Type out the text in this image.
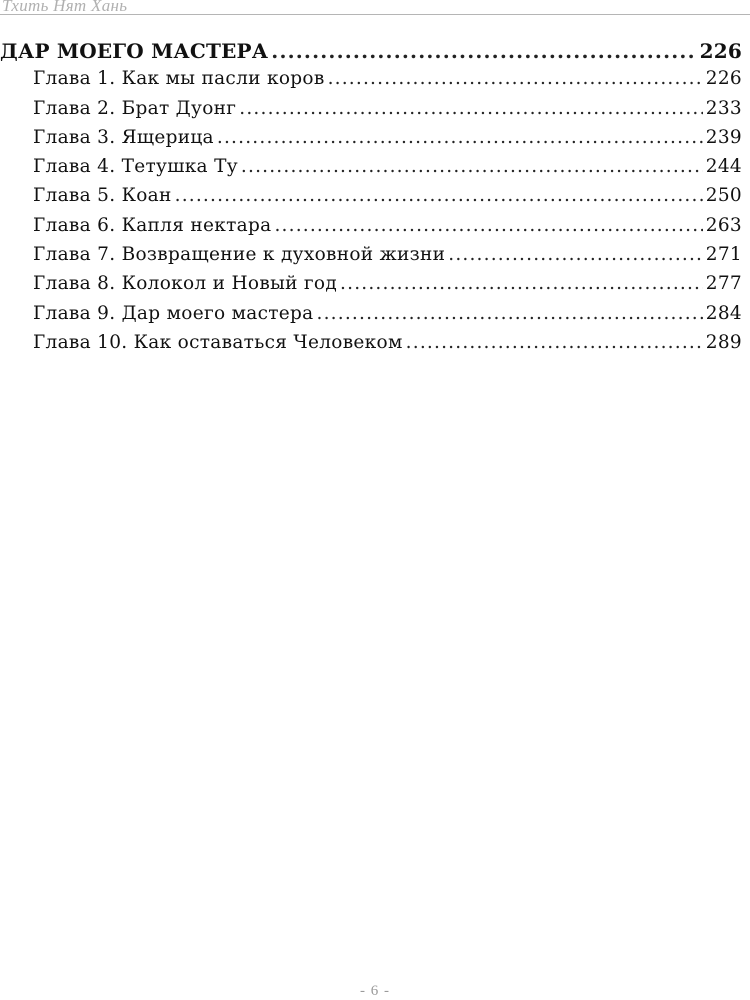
Тхить Нят Хань
ДАР МОЕГО МАСТЕРА .....	226
Глава 1. Как мы пасли коров .....	226
Глава 2. Брат Дуонг .....	233
Глава 3. Ящерица .....	239
Глава 4. Тетушка Ту .....	244
Глава 5. Коан .....	250
Глава 6. Капля нектара .....	263
Глава 7. Возвращение к духовной жизни .....	271
Глава 8. Колокол и Новый год .....	277
Глава 9. Дар моего мастера .....	284
Глава 10. Как оставаться Человеком .....	289
- 6 -
